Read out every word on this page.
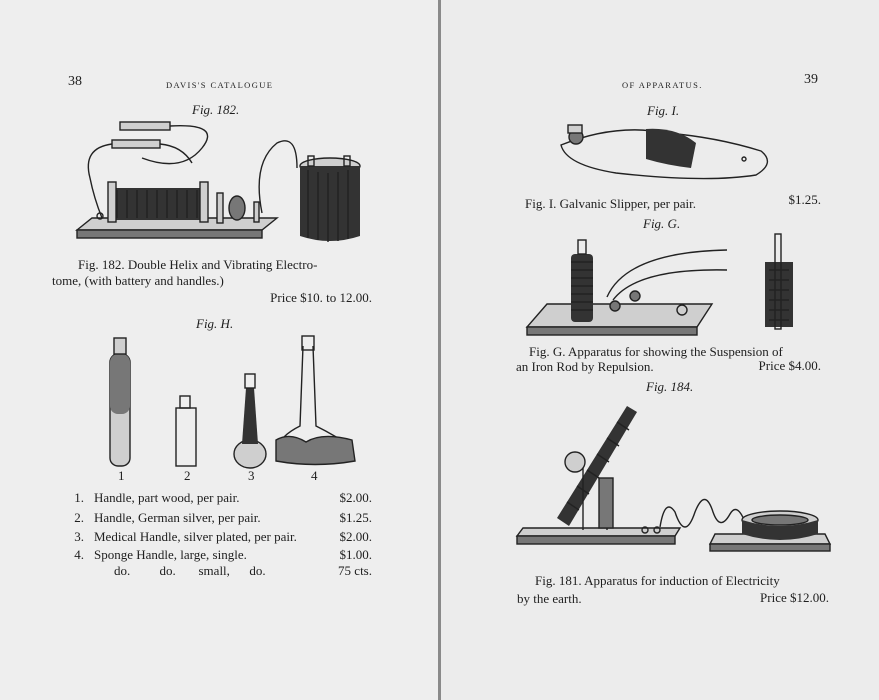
38	DAVIS'S CATALOGUE
Fig. 182.
Fig. 182. Double Helix and Vibrating Electro-
tome, (with battery and handles.)
Price $10. to 12.00.
Fig. H.
1	2	3	4
1. Handle, part wood, per pair.	$2.00.
2. Handle, German silver, per pair.	$1.25.
3. Medical Handle, silver plated, per pair.	$2.00.
4. Sponge Handle, large, single.	$1.00.
do.         do.       small,      do.	75 cts.
OF APPARATUS.	39
Fig. I.
Fig. I. Galvanic Slipper, per pair.	$1.25.
Fig. G.
Fig. G. Apparatus for showing the Suspension of
an Iron Rod by Repulsion.	Price $4.00.
Fig. 184.
Fig. 181. Apparatus for induction of Electricity
by the earth.	Price $12.00.
